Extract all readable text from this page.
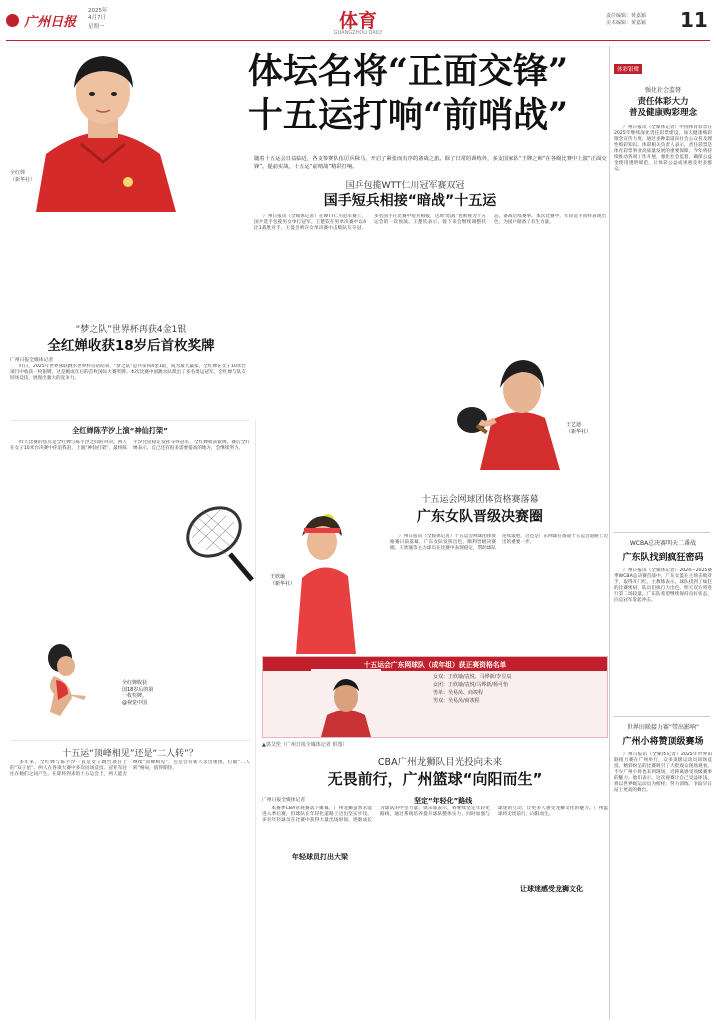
广州日报
2025年
4月7日
星期一	体育
GUANGZHOU DAILY
责任编辑：黄嘉颖
美术编辑：黄嘉颖 11
全红婵
（新华社）
体坛名将“正面交锋”
十五运打响“前哨战”
体彩银鹭
强化社会监督
责任体彩大力
普及健康购彩理念

广州日报讯（全媒体记者）中国体育彩票在2025年继续深化责任彩票建设，加大健康购彩理念宣传力度，通过多种渠道向社会公众普及理性购彩知识。体彩相关负责人表示，责任彩票是体育彩票事业高质量发展的重要保障，今年将持续推动各项工作开展，强化社会监督，确保公益金使用透明规范，让体彩公益成果惠及更多群众。

随着十五运会日益临近，各支参赛队伍厉兵秣马，开启了紧张而有序的备战之旅。除了日常的训练外，多支国家队“王牌之师”在各级比赛中上演“正面交锋”。提前实战，十五运“前哨战”精彩打响。
国乒包揽WTT仁川冠军赛双冠
国手短兵相接“暗战”十五运

广州日报讯（全媒体记者）在WTT仁川冠军赛上，国乒选手包揽男女单打冠军。王楚钦在男单决赛中以4比1战胜对手，王曼昱则在女单决赛中击败队友夺冠。多名国手在比赛中短兵相接，这场“暗战”也被视为十五运会的一次预演。王楚钦表示，接下来会继续调整状态，备战后续赛事。本次比赛中，年轻选手同样表现出色，为国乒储备了有生力量。

王艺迪
（新华社）
“梦之队”世界杯再获4金1银
全红婵收获18岁后首枚奖牌
广州日报全媒体记者

昨日，2025年世界泳联跳水世界杯首站结束，“梦之队”总共拿到4金1银，成为最大赢家。全红婵在女子10米台项目中收获一枚银牌，这是她成年后的首枚国际大赛奖牌。本次比赛中国跳水队派出了多名奥运冠军，全红婵与队友同场竞技，展现出强大的竞争力。

全红婵陈芋汐上演“神仙打架”

昨天比赛的焦点是全红婵与陈芋汐之间的对决。两人在女子10米台决赛中你追我赶，上演“神仙打架”，最终陈芋汐凭借稳定发挥夺得冠军，全红婵收获银牌。赛后全红婵表示，自己还有很多需要提高的地方，会继续努力。

全红婵收获
国18岁后的第
一枚奖牌。
@视觉中国
十五运会网球团体资格赛落幕
广东女队晋级决赛圈
王欣瑜
（新华社）

广州日报讯（全媒体记者）十五运会网球团体资格赛日前落幕，广东女队发挥出色，顺利晋级决赛圈。王欣瑜等主力球员在比赛中表现稳定，帮助球队连续取胜，这也是广东网球在备战十五运会道路上迈出的重要一步。

十五运会广东网球队（成年组）获正赛资格名单
女双：王欣瑜/袁悦、马烨新/李昱辰
女团：王欣瑜/袁悦/马烨新/杨可怡
男单：吴易昺、商竣程
男双：吴易昺/商竣程
▲郭艾伦（广州日报全媒体记者 供图）
WCBA总决赛明天二番战
广东队找到疯狂密码

广州日报讯（全媒体记者）2024—2025赛季WCBA总决赛首战中，广东女篮在主场击败对手，取得开门红。主教练表示，球队找到了疯狂的比赛密码，队员们执行力出色。明天双方将进行第二场较量，广东队希望继续保持良好状态，向总冠军发起冲击。

世界田联接力赛“带出影响”
广州小将赞顶级赛场

广州日报讯（全媒体记者）2025年世界田联接力赛在广州举行，众多顶级运动员同场竞技，精彩纷呈的比赛吸引了大批观众现场观看。不少广州小将也来到现场，近距离感受顶级赛事的魅力。他们表示，这次观赛让自己受益匪浅，将以世界级运动员为榜样，努力训练，争取早日站上更高的舞台。

CBA广州龙狮队目光投向未来
无畏前行，广州篮球“向阳而生”
广州日报全媒体记者

本赛季CBA常规赛落下帷幕，广州龙狮虽然未能进入季后赛，但球队在年轻化道路上迈出坚实步伐。多名年轻球员在比赛中获得大量出场时间，逐渐成长为球队的中坚力量。俱乐部表示，将继续坚定年轻化路线，通过系统培养提升球队整体实力，同时加强与球迷的互动，让更多人感受龙狮文化的魅力。广州篮球将无畏前行，向阳而生。

年轻球员打出大梁
坚定“年轻化”路线
让球迷感受龙狮文化
十五运“顶峰相见”还是“二人转”？

多年来，全红婵与陈芋汐一直是女子跳台项目上的“双子星”。两人在各项大赛中多次同场竞技，冠亚军往往在她们之间产生。在即将到来的十五运会上，两人能否继续“顶峰相见”，还是会有新人杀出重围，打破“二人转”格局，值得期待。
